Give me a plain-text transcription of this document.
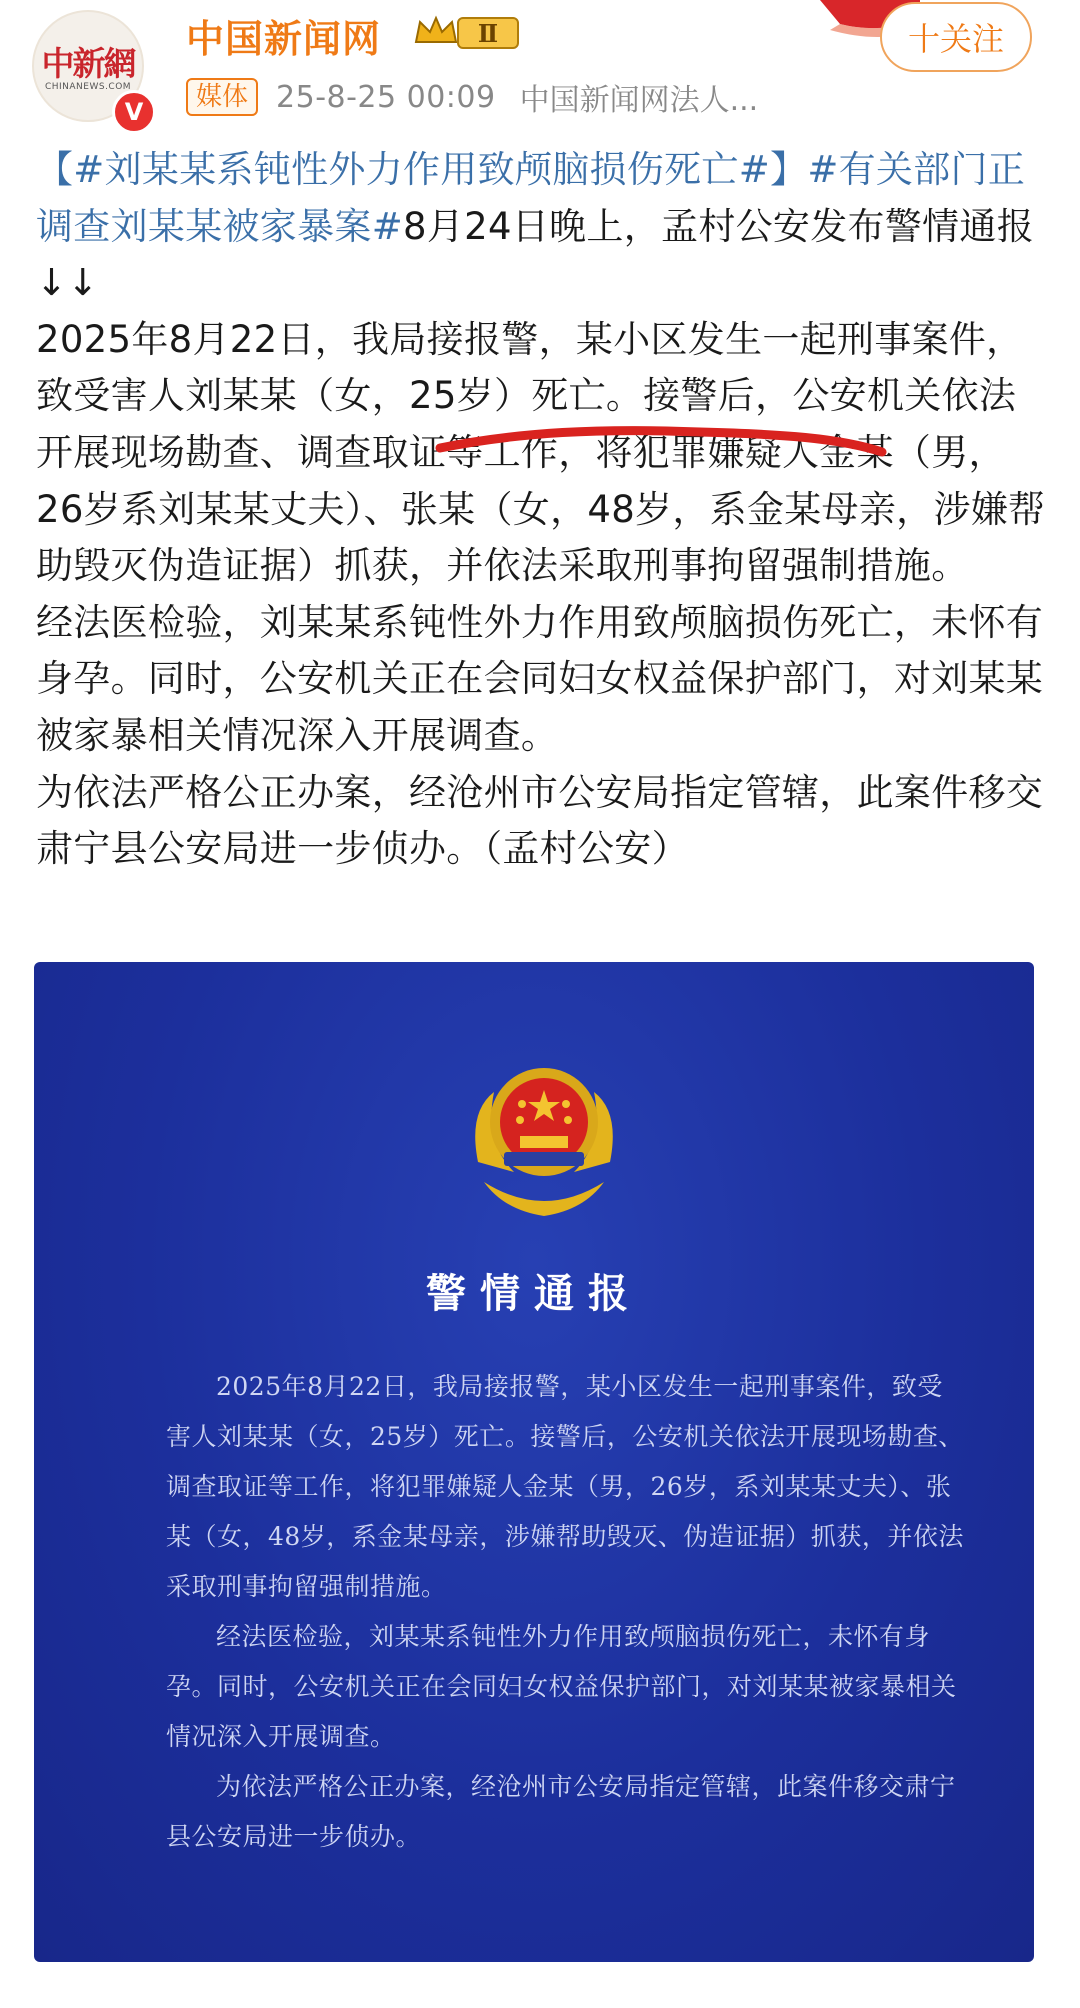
中新網
CHINANEWS.COM
V
中国新闻网	Ⅱ
媒体 25-8-25 00:09 中国新闻网法人...
十关注

【#刘某某系钝性外力作用致颅脑损伤死亡#】#有关部门正调查刘某某被家暴案#8月24日晚上，孟村公安发布警情通报↓↓

2025年8月22日，我局接报警，某小区发生一起刑事案件，致受害人刘某某（女，25岁）死亡。接警后，公安机关依法开展现场勘查、调查取证等工作，将犯罪嫌疑人金某（男，26岁系刘某某丈夫）、张某（女，48岁，系金某母亲，涉嫌帮助毁灭伪造证据）抓获，并依法采取刑事拘留强制措施。

经法医检验，刘某某系钝性外力作用致颅脑损伤死亡，未怀有身孕。同时，公安机关正在会同妇女权益保护部门，对刘某某被家暴相关情况深入开展调查。

为依法严格公正办案，经沧州市公安局指定管辖，此案件移交肃宁县公安局进一步侦办。（孟村公安）

警情通报

2025年8月22日，我局接报警，某小区发生一起刑事案件，致受害人刘某某（女，25岁）死亡。接警后，公安机关依法开展现场勘查、调查取证等工作，将犯罪嫌疑人金某（男，26岁，系刘某某丈夫）、张某（女，48岁，系金某母亲，涉嫌帮助毁灭、伪造证据）抓获，并依法采取刑事拘留强制措施。

经法医检验，刘某某系钝性外力作用致颅脑损伤死亡，未怀有身孕。同时，公安机关正在会同妇女权益保护部门，对刘某某被家暴相关情况深入开展调查。

为依法严格公正办案，经沧州市公安局指定管辖，此案件移交肃宁县公安局进一步侦办。
